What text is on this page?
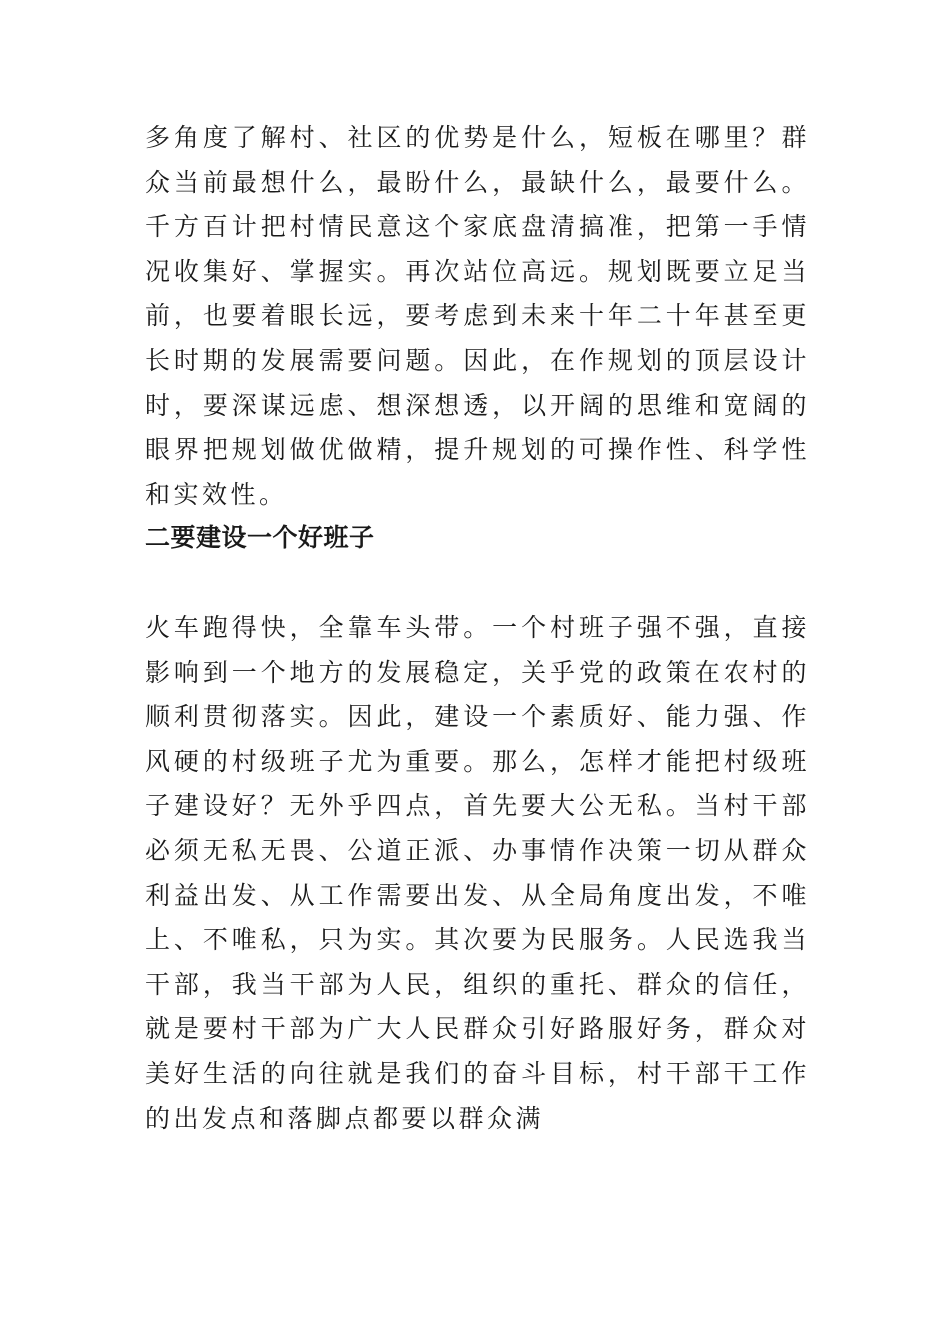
多角度了解村、社区的优势是什么，短板在哪里？群众当前最想什么，最盼什么，最缺什么，最要什么。千方百计把村情民意这个家底盘清搞准，把第一手情况收集好、掌握实。再次站位高远。规划既要立足当前，也要着眼长远，要考虑到未来十年二十年甚至更长时期的发展需要问题。因此，在作规划的顶层设计时，要深谋远虑、想深想透，以开阔的思维和宽阔的眼界把规划做优做精，提升规划的可操作性、科学性和实效性。

二要建设一个好班子

火车跑得快，全靠车头带。一个村班子强不强，直接影响到一个地方的发展稳定，关乎党的政策在农村的顺利贯彻落实。因此，建设一个素质好、能力强、作风硬的村级班子尤为重要。那么，怎样才能把村级班子建设好？无外乎四点，首先要大公无私。当村干部必须无私无畏、公道正派、办事情作决策一切从群众利益出发、从工作需要出发、从全局角度出发，不唯上、不唯私，只为实。其次要为民服务。人民选我当干部，我当干部为人民，组织的重托、群众的信任，就是要村干部为广大人民群众引好路服好务，群众对美好生活的向往就是我们的奋斗目标，村干部干工作的出发点和落脚点都要以群众满
